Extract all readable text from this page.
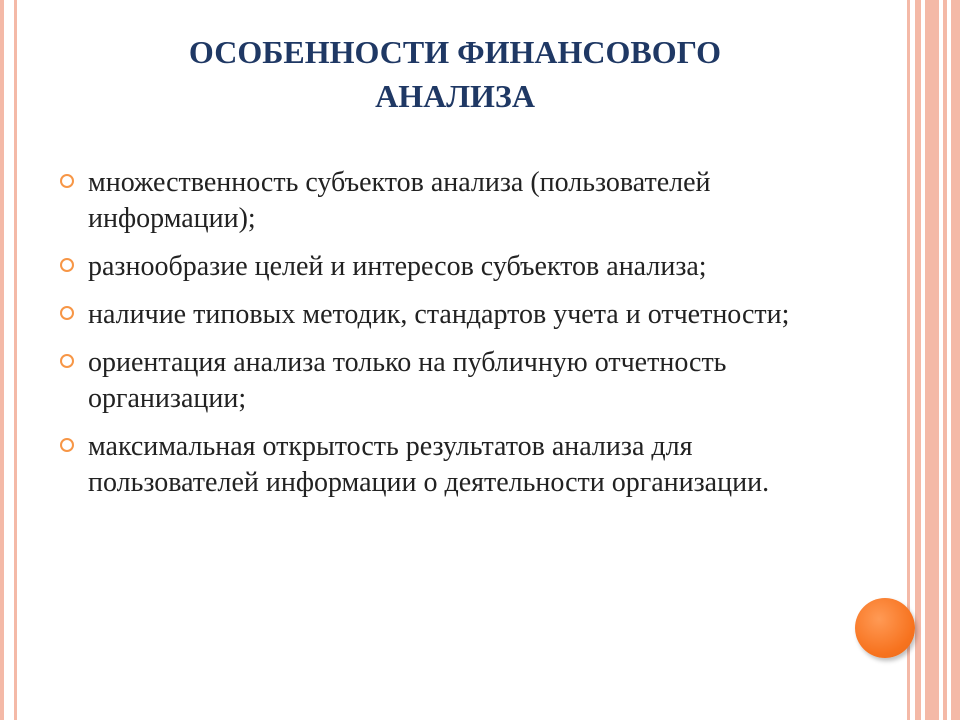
ОСОБЕННОСТИ ФИНАНСОВОГО
АНАЛИЗА
множественность субъектов анализа (пользователей информации);
разнообразие целей и интересов субъектов анализа;
наличие типовых методик, стандартов учета и отчетности;
ориентация анализа только на публичную отчетность организации;
максимальная открытость результатов анализа для пользователей информации о деятельности организации.
